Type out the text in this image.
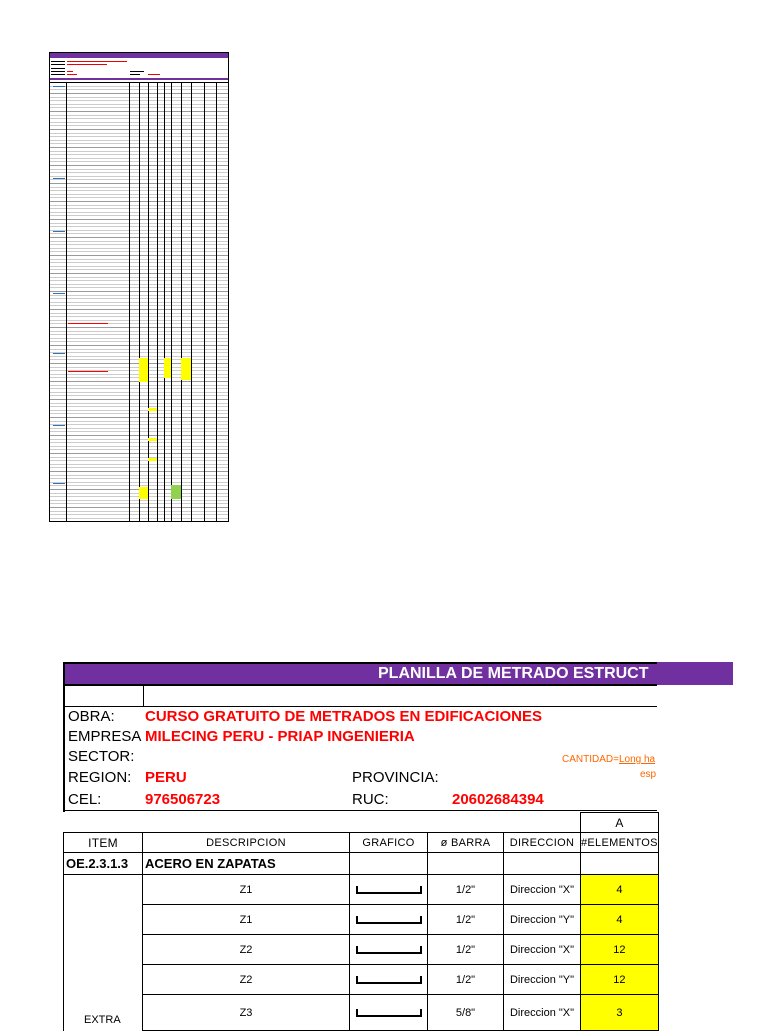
PLANILLA DE METRADO ESTRUCT
OBRA: CURSO GRATUITO DE METRADOS EN EDIFICACIONES
EMPRESA MILECING PERU - PRIAP INGENIERIA
SECTOR:
REGION: PERU	PROVINCIA:
CEL:	976506723	RUC:	20602684394
CANTIDAD=Long ha
esp
					A
ITEM	DESCRIPCION	GRAFICO	ø BARRA	DIRECCION	#ELEMENTOS
OE.2.3.1.3	ACERO EN ZAPATAS				
	Z1		1/2"	Direccion "X"	4
	Z1		1/2"	Direccion "Y"	4
	Z2		1/2"	Direccion "X"	12
	Z2		1/2"	Direccion "Y"	12
	Z3		5/8"	Direccion "X"	3
EXTRA
